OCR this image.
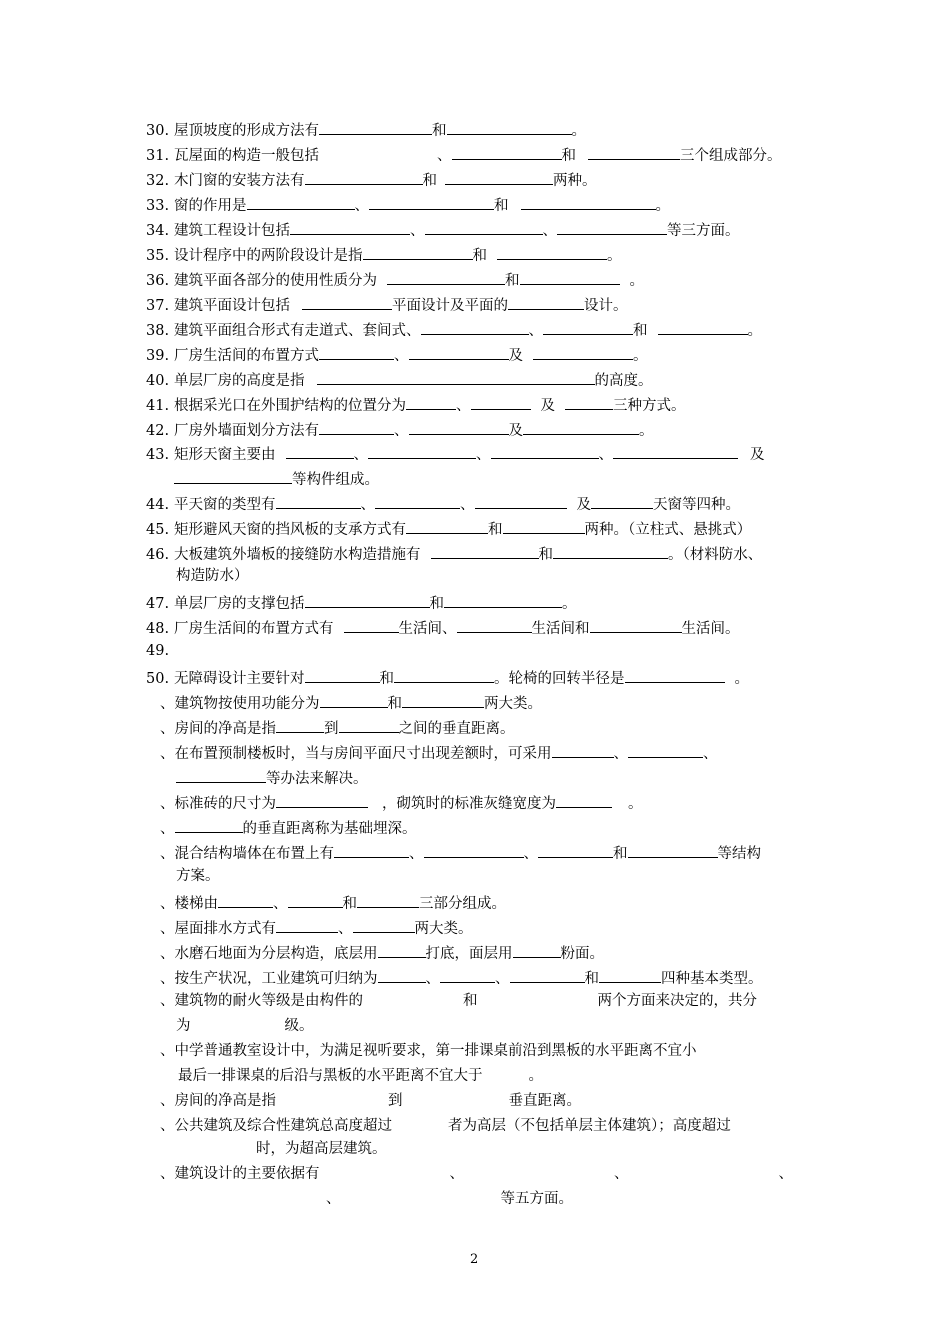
30. 屋顶坡度的形成方法有	和	。
31. 瓦屋面的构造一般包括	、	和	三个组成部分。
32. 木门窗的安装方法有	和	两种。
33. 窗的作用是	、	和	。
34. 建筑工程设计包括	、	、	等三方面。
35. 设计程序中的两阶段设计是指	和	。
36. 建筑平面各部分的使用性质分为	和	。
37. 建筑平面设计包括	平面设计及平面的	设计。
38. 建筑平面组合形式有走道式、套间式、	、	和	。
39. 厂房生活间的布置方式	、	及	。
40. 单层厂房的高度是指	的高度。
41. 根据采光口在外围护结构的位置分为	、	及	三种方式。
42. 厂房外墙面划分方法有	、	及	。
43. 矩形天窗主要由	、	、	、	及
等构件组成。
44. 平天窗的类型有	、	、	及	天窗等四种。
45. 矩形避风天窗的挡风板的支承方式有	和	两种。（立柱式、悬挑式）
46. 大板建筑外墙板的接缝防水构造措施有	和	。（材料防水、
构造防水）
47. 单层厂房的支撑包括	和	。
48. 厂房生活间的布置方式有	生活间、	生活间和	生活间。
49.
50. 无障碍设计主要针对	和	。轮椅的回转半径是	。
、建筑物按使用功能分为	和	两大类。
、房间的净高是指	到	之间的垂直距离。
、在布置预制楼板时，当与房间平面尺寸出现差额时，可采用	、	、
等办法来解决。
、标准砖的尺寸为	，砌筑时的标准灰缝宽度为	。
、	的垂直距离称为基础埋深。
、混合结构墙体在布置上有	、	、	和	等结构
方案。
、楼梯由	、	和	三部分组成。
、屋面排水方式有	、	两大类。
、水磨石地面为分层构造，底层用	打底，面层用	粉面。
、按生产状况，工业建筑可归纳为	、	、	和	四种基本类型。
、建筑物的耐火等级是由构件的	和	两个方面来决定的，共分
为	级。
、中学普通教室设计中，为满足视听要求，第一排课桌前沿到黑板的水平距离不宜小
最后一排课桌的后沿与黑板的水平距离不宜大于	。
、房间的净高是指	到	垂直距离。
、公共建筑及综合性建筑总高度超过	者为高层（不包括单层主体建筑）；高度超过
时，为超高层建筑。
、建筑设计的主要依据有	、	、	、
、	等五方面。
2
